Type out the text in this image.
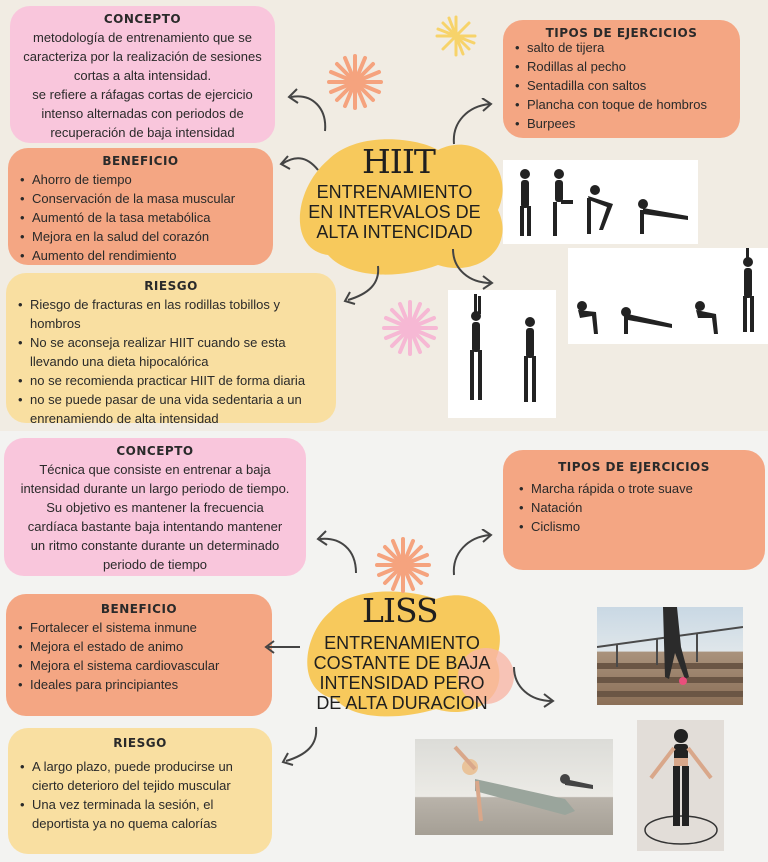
CONCEPTO

metodología de entrenamiento que se
caracteriza por la realización de sesiones
cortas a alta intensidad.
se refiere a ráfagas cortas de ejercicio
intenso alternadas con periodos de
recuperación de baja intensidad

BENEFICIO
• Ahorro de tiempo
• Conservación de la masa muscular
• Aumentó de la tasa metabólica
• Mejora en la salud del corazón
• Aumento del rendimiento
RIESGO
• Riesgo de fracturas en las rodillas tobillos y hombros
• No se aconseja realizar HIIT cuando se esta llevando una dieta hipocalórica
• no se recomienda practicar HIIT de forma diaria
• no se puede pasar de una vida sedentaria a un enrenamiendo de alta intensidad
TIPOS DE EJERCICIOS
• salto de tijera
• Rodillas al pecho
• Sentadilla con saltos
• Plancha con toque de hombros
• Burpees
HIIT
ENTRENAMIENTO
EN INTERVALOS DE
ALTA INTENCIDAD
CONCEPTO

Técnica que consiste en entrenar a baja
intensidad durante un largo periodo de tiempo.
Su objetivo es mantener la frecuencia
cardíaca bastante baja intentando mantener
un ritmo constante durante un determinado
periodo de tiempo

BENEFICIO
• Fortalecer el sistema inmune
• Mejora el estado de animo
• Mejora el sistema cardiovascular
• Ideales para principiantes
RIESGO
• A largo plazo, puede producirse un cierto deterioro del tejido muscular
• Una vez terminada la sesión, el deportista ya no quema calorías
TIPOS DE EJERCICIOS
• Marcha rápida o trote suave
• Natación
• Ciclismo
LISS
ENTRENAMIENTO
COSTANTE DE BAJA
INTENSIDAD PERO
DE ALTA DURACION
